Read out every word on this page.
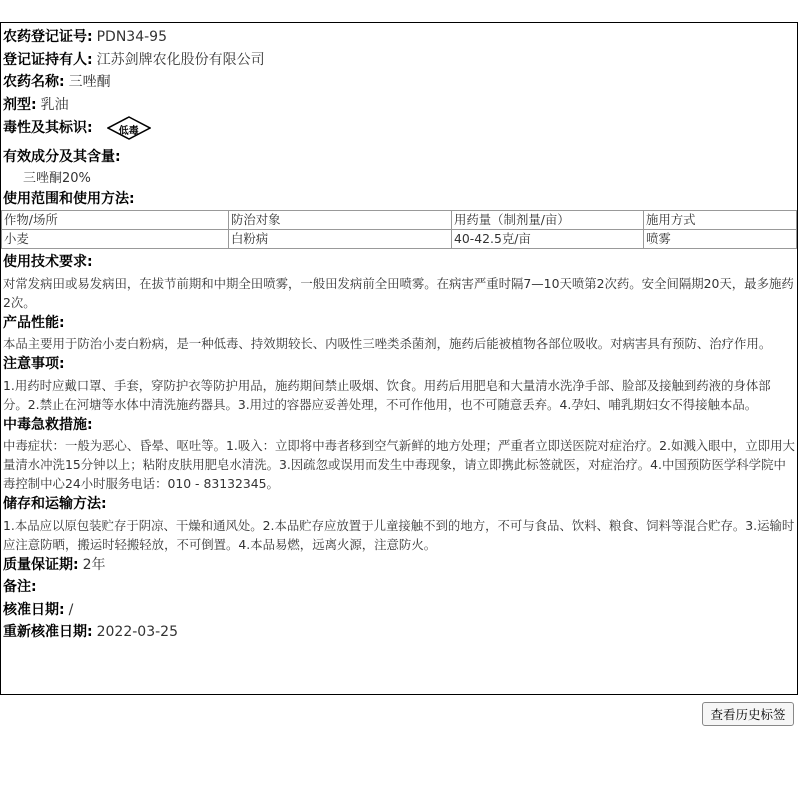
农药登记证号: PDN34-95
登记证持有人: 江苏剑牌农化股份有限公司
农药名称: 三唑酮
剂型: 乳油
毒性及其标识:	低毒
有效成分及其含量:
三唑酮20%
使用范围和使用方法:
作物/场所	防治对象	用药量（制剂量/亩）	施用方式
小麦	白粉病	40-42.5克/亩	喷雾
使用技术要求:
对常发病田或易发病田，在拔节前期和中期全田喷雾，一般田发病前全田喷雾。在病害严重时隔7—10天喷第2次药。安全间隔期20天，最多施药2次。
产品性能:
本品主要用于防治小麦白粉病，是一种低毒、持效期较长、内吸性三唑类杀菌剂，施药后能被植物各部位吸收。对病害具有预防、治疗作用。
注意事项:
1.用药时应戴口罩、手套，穿防护衣等防护用品，施药期间禁止吸烟、饮食。用药后用肥皂和大量清水洗净手部、脸部及接触到药液的身体部分。2.禁止在河塘等水体中清洗施药器具。3.用过的容器应妥善处理，不可作他用，也不可随意丢弃。4.孕妇、哺乳期妇女不得接触本品。
中毒急救措施:
中毒症状：一般为恶心、昏晕、呕吐等。1.吸入：立即将中毒者移到空气新鲜的地方处理；严重者立即送医院对症治疗。2.如溅入眼中，立即用大量清水冲洗15分钟以上；粘附皮肤用肥皂水清洗。3.因疏忽或误用而发生中毒现象，请立即携此标签就医，对症治疗。4.中国预防医学科学院中毒控制中心24小时服务电话：010 - 83132345。
储存和运输方法:
1.本品应以原包装贮存于阴凉、干燥和通风处。2.本品贮存应放置于儿童接触不到的地方，不可与食品、饮料、粮食、饲料等混合贮存。3.运输时应注意防晒，搬运时轻搬轻放，不可倒置。4.本品易燃，远离火源，注意防火。
质量保证期: 2年
备注:
核准日期: /
重新核准日期: 2022-03-25
查看历史标签
